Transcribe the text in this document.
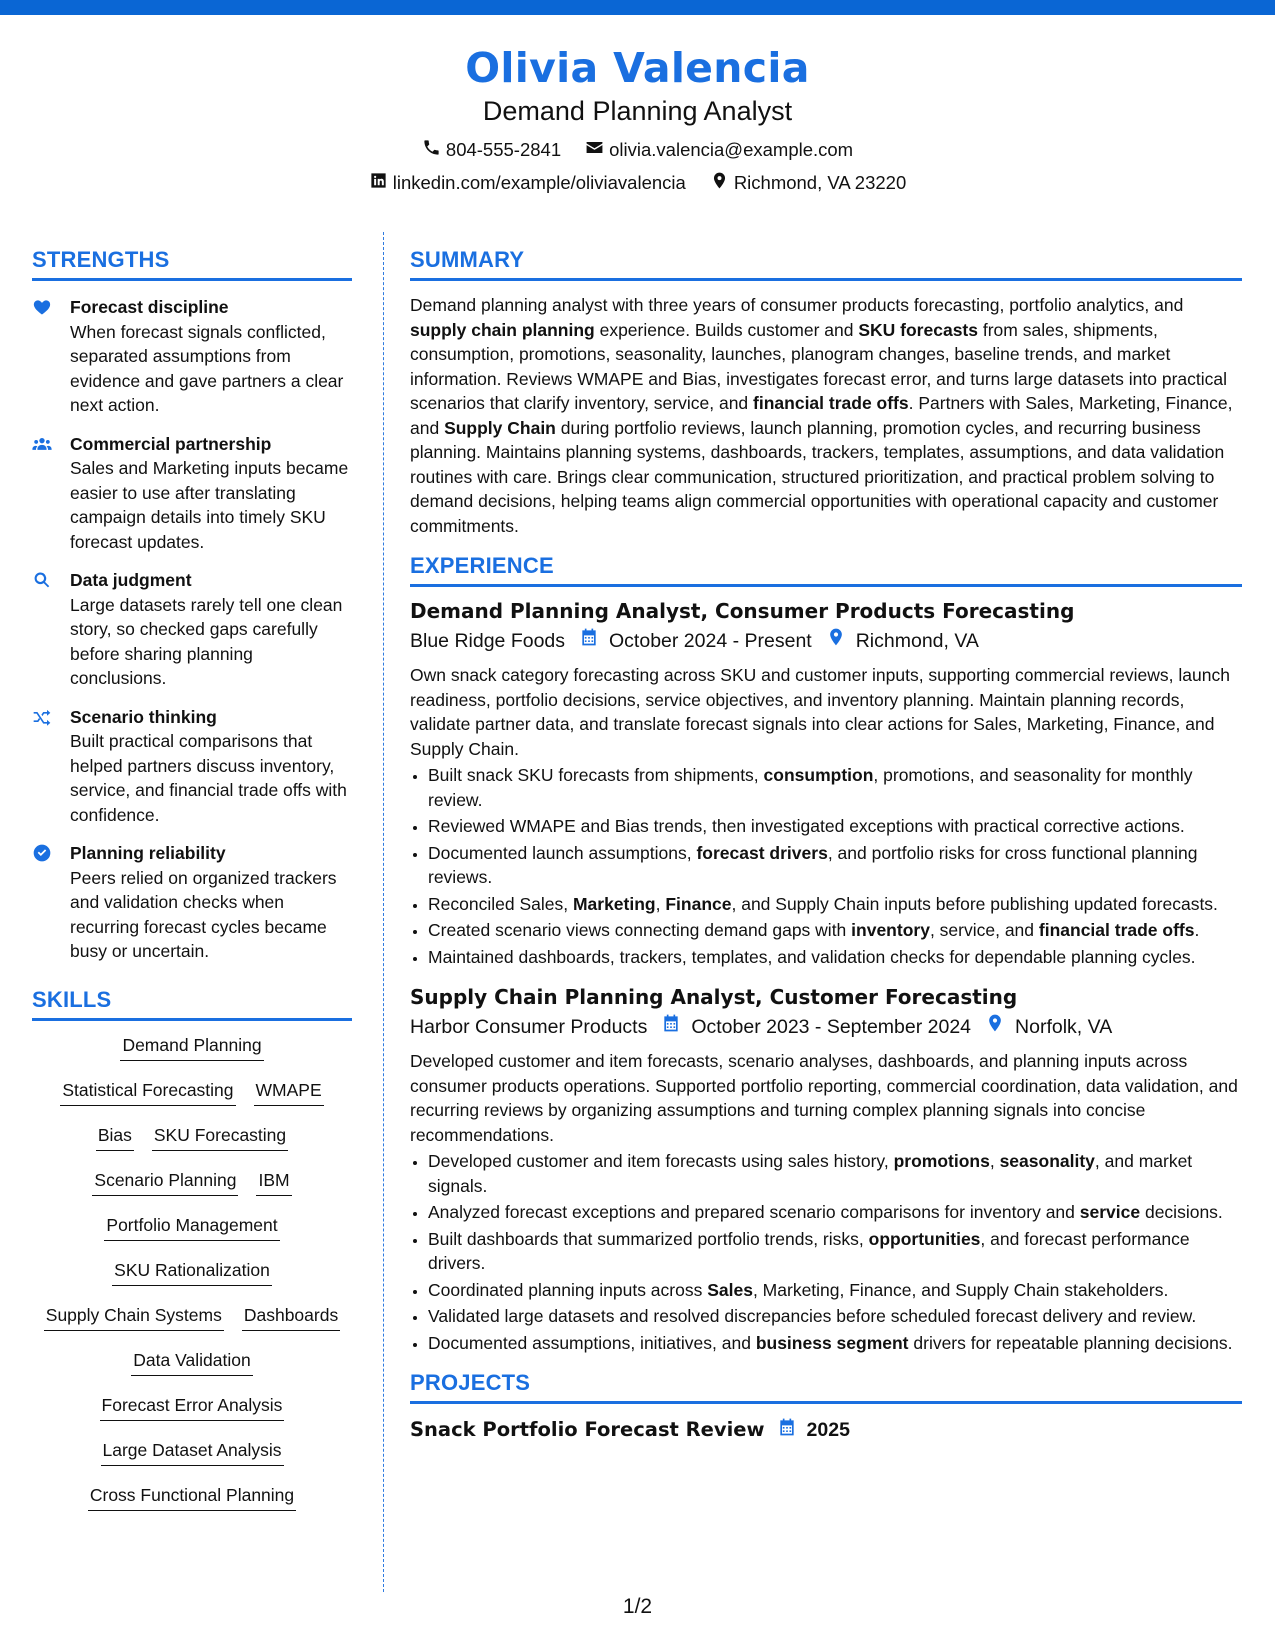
Olivia Valencia
Demand Planning Analyst
804-555-2841	olivia.valencia@example.com
linkedin.com/example/oliviavalencia	Richmond, VA 23220
STRENGTHS
Forecast discipline
When forecast signals conflicted, separated assumptions from evidence and gave partners a clear next action.
Commercial partnership
Sales and Marketing inputs became easier to use after translating campaign details into timely SKU forecast updates.
Data judgment
Large datasets rarely tell one clean story, so checked gaps carefully before sharing planning conclusions.
Scenario thinking
Built practical comparisons that helped partners discuss inventory, service, and financial trade offs with confidence.
Planning reliability
Peers relied on organized trackers and validation checks when recurring forecast cycles became busy or uncertain.
SKILLS
Demand Planning
Statistical Forecasting WMAPE
Bias SKU Forecasting
Scenario Planning IBM
Portfolio Management
SKU Rationalization
Supply Chain Systems Dashboards
Data Validation
Forecast Error Analysis
Large Dataset Analysis
Cross Functional Planning
SUMMARY
Demand planning analyst with three years of consumer products forecasting, portfolio analytics, and supply chain planning experience. Builds customer and SKU forecasts from sales, shipments, consumption, promotions, seasonality, launches, planogram changes, baseline trends, and market information. Reviews WMAPE and Bias, investigates forecast error, and turns large datasets into practical scenarios that clarify inventory, service, and financial trade offs. Partners with Sales, Marketing, Finance, and Supply Chain during portfolio reviews, launch planning, promotion cycles, and recurring business planning. Maintains planning systems, dashboards, trackers, templates, assumptions, and data validation routines with care. Brings clear communication, structured prioritization, and practical problem solving to demand decisions, helping teams align commercial opportunities with operational capacity and customer commitments.
EXPERIENCE
Demand Planning Analyst, Consumer Products Forecasting
Blue Ridge Foods October 2024 - Present Richmond, VA
Own snack category forecasting across SKU and customer inputs, supporting commercial reviews, launch readiness, portfolio decisions, service objectives, and inventory planning. Maintain planning records, validate partner data, and translate forecast signals into clear actions for Sales, Marketing, Finance, and Supply Chain.
• Built snack SKU forecasts from shipments, consumption, promotions, and seasonality for monthly review.
• Reviewed WMAPE and Bias trends, then investigated exceptions with practical corrective actions.
• Documented launch assumptions, forecast drivers, and portfolio risks for cross functional planning reviews.
• Reconciled Sales, Marketing, Finance, and Supply Chain inputs before publishing updated forecasts.
• Created scenario views connecting demand gaps with inventory, service, and financial trade offs.
• Maintained dashboards, trackers, templates, and validation checks for dependable planning cycles.
Supply Chain Planning Analyst, Customer Forecasting
Harbor Consumer Products October 2023 - September 2024 Norfolk, VA
Developed customer and item forecasts, scenario analyses, dashboards, and planning inputs across consumer products operations. Supported portfolio reporting, commercial coordination, data validation, and recurring reviews by organizing assumptions and turning complex planning signals into concise recommendations.
• Developed customer and item forecasts using sales history, promotions, seasonality, and market signals.
• Analyzed forecast exceptions and prepared scenario comparisons for inventory and service decisions.
• Built dashboards that summarized portfolio trends, risks, opportunities, and forecast performance drivers.
• Coordinated planning inputs across Sales, Marketing, Finance, and Supply Chain stakeholders.
• Validated large datasets and resolved discrepancies before scheduled forecast delivery and review.
• Documented assumptions, initiatives, and business segment drivers for repeatable planning decisions.
PROJECTS
Snack Portfolio Forecast Review 2025
1/2
